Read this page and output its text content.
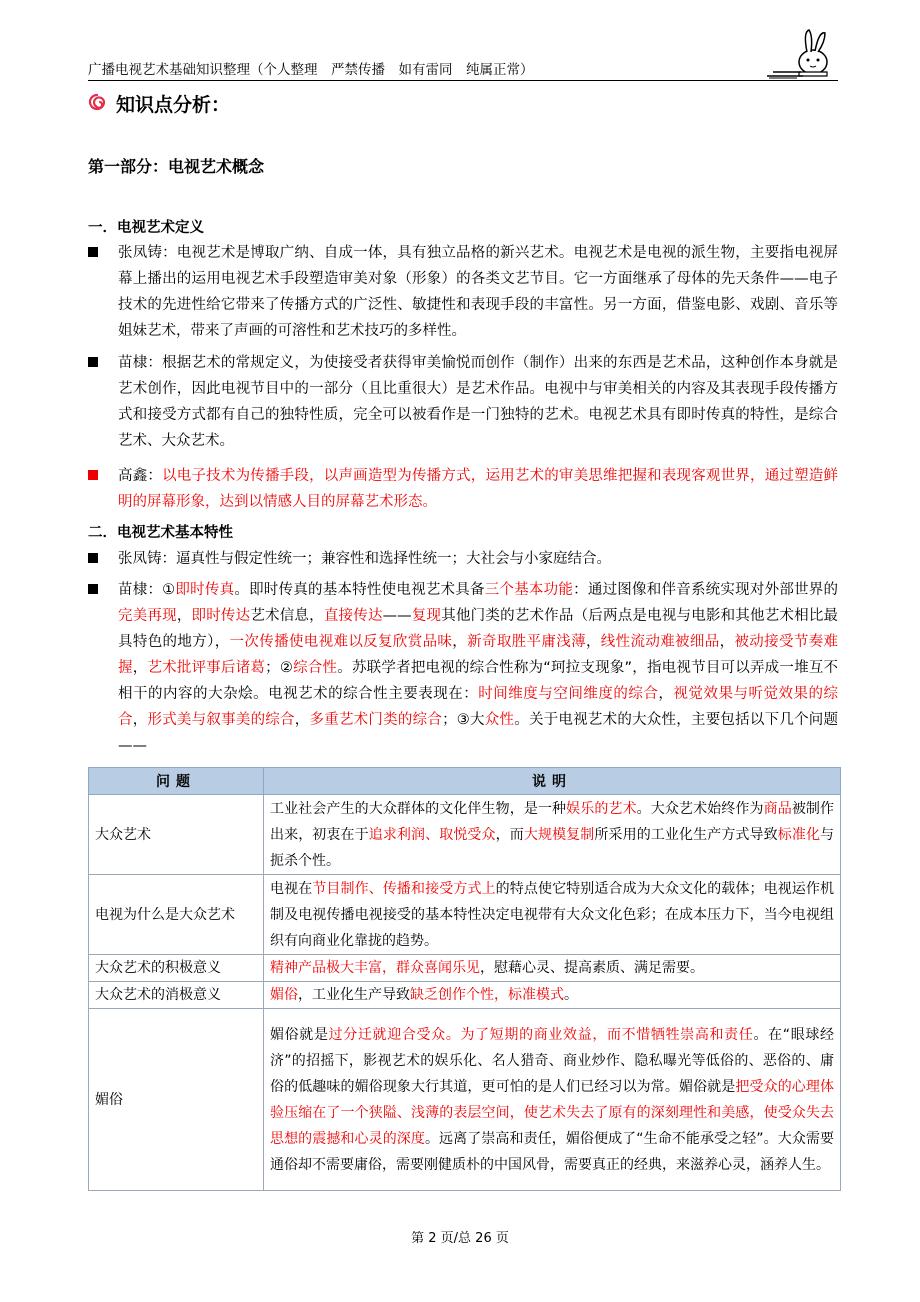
广播电视艺术基础知识整理（个人整理　严禁传播　如有雷同　纯属正常）
知识点分析：
第一部分：电视艺术概念
一．电视艺术定义
张凤铸：电视艺术是博取广纳、自成一体，具有独立品格的新兴艺术。电视艺术是电视的派生物，主要指电视屏幕上播出的运用电视艺术手段塑造审美对象（形象）的各类文艺节目。它一方面继承了母体的先天条件——电子技术的先进性给它带来了传播方式的广泛性、敏捷性和表现手段的丰富性。另一方面，借鉴电影、戏剧、音乐等姐妹艺术，带来了声画的可溶性和艺术技巧的多样性。
苗棣：根据艺术的常规定义，为使接受者获得审美愉悦而创作（制作）出来的东西是艺术品，这种创作本身就是艺术创作，因此电视节目中的一部分（且比重很大）是艺术作品。电视中与审美相关的内容及其表现手段传播方式和接受方式都有自己的独特性质，完全可以被看作是一门独特的艺术。电视艺术具有即时传真的特性，是综合艺术、大众艺术。
高鑫：以电子技术为传播手段，以声画造型为传播方式，运用艺术的审美思维把握和表现客观世界，通过塑造鲜明的屏幕形象，达到以情感人目的屏幕艺术形态。
二．电视艺术基本特性
张凤铸：逼真性与假定性统一；兼容性和选择性统一；大社会与小家庭结合。
苗棣：①即时传真。即时传真的基本特性使电视艺术具备三个基本功能：通过图像和伴音系统实现对外部世界的完美再现，即时传达艺术信息，直接传达——复现其他门类的艺术作品（后两点是电视与电影和其他艺术相比最具特色的地方），一次传播使电视难以反复欣赏品味，新奇取胜平庸浅薄，线性流动难被细品，被动接受节奏难握，艺术批评事后诸葛；②综合性。苏联学者把电视的综合性称为“珂拉支现象”，指电视节目可以弄成一堆互不相干的内容的大杂烩。电视艺术的综合性主要表现在：时间维度与空间维度的综合，视觉效果与听觉效果的综合，形式美与叙事美的综合，多重艺术门类的综合；③大众性。关于电视艺术的大众性，主要包括以下几个问题——
问题	说明
大众艺术	工业社会产生的大众群体的文化伴生物，是一种娱乐的艺术。大众艺术始终作为商品被制作出来，初衷在于追求利润、取悦受众，而大规模复制所采用的工业化生产方式导致标准化与扼杀个性。
电视为什么是大众艺术	电视在节目制作、传播和接受方式上的特点使它特别适合成为大众文化的载体；电视运作机制及电视传播电视接受的基本特性决定电视带有大众文化色彩；在成本压力下，当今电视组织有向商业化靠拢的趋势。
大众艺术的积极意义	精神产品极大丰富，群众喜闻乐见，慰藉心灵、提高素质、满足需要。
大众艺术的消极意义	媚俗，工业化生产导致缺乏创作个性，标准模式。
媚俗	媚俗就是过分迁就迎合受众。为了短期的商业效益，而不惜牺牲崇高和责任。在“眼球经济”的招摇下，影视艺术的娱乐化、名人猎奇、商业炒作、隐私曝光等低俗的、恶俗的、庸俗的低趣味的媚俗现象大行其道，更可怕的是人们已经习以为常。媚俗就是把受众的心理体验压缩在了一个狭隘、浅薄的表层空间，使艺术失去了原有的深刻理性和美感，使受众失去思想的震撼和心灵的深度。远离了崇高和责任，媚俗便成了“生命不能承受之轻”。大众需要通俗却不需要庸俗，需要刚健质朴的中国风骨，需要真正的经典，来滋养心灵，涵养人生。
第 2 页/总 26 页
